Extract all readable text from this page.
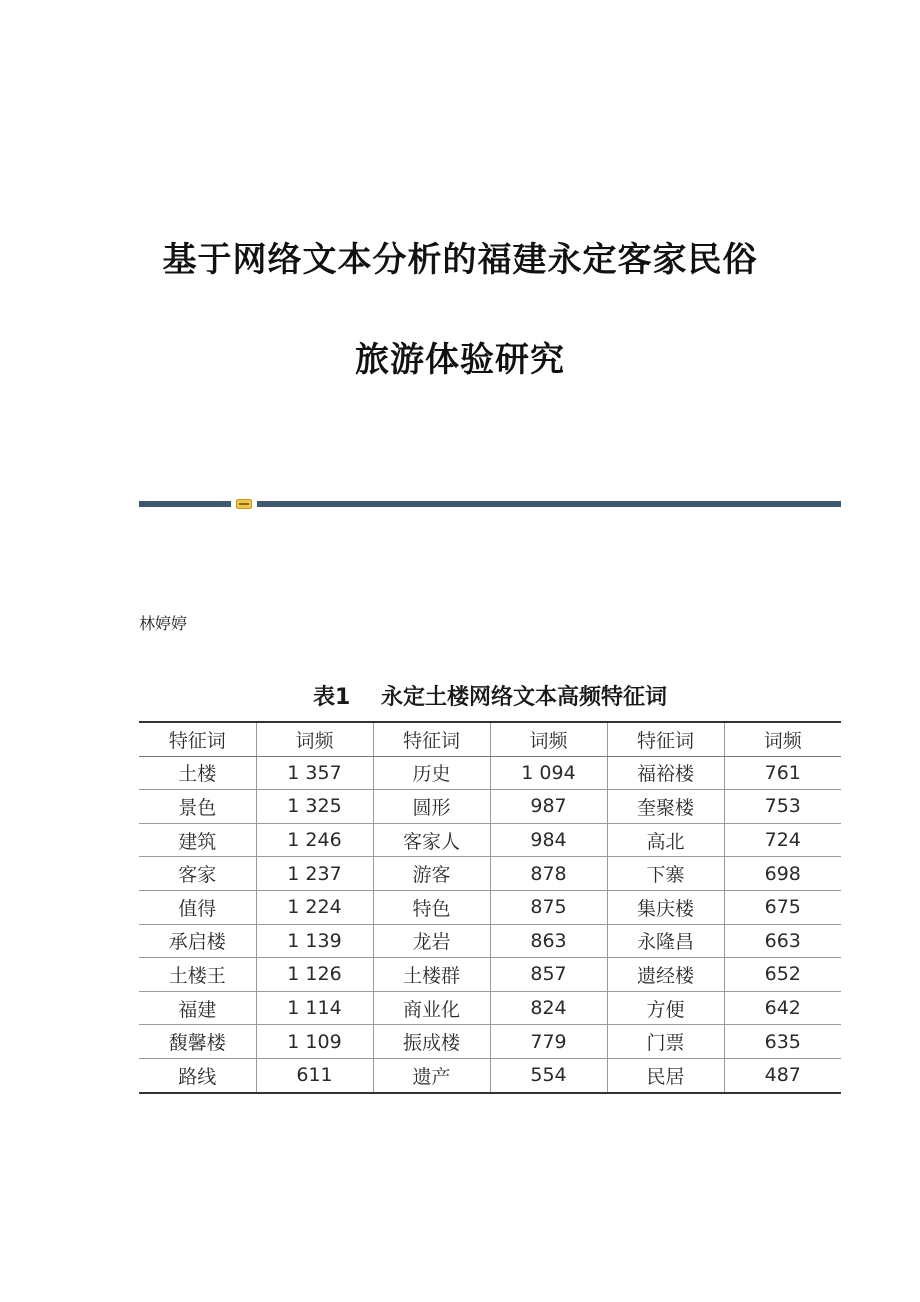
基于网络文本分析的福建永定客家民俗
旅游体验研究
林婷婷
表1    永定土楼网络文本高频特征词
特征词	词频	特征词	词频	特征词	词频
土楼	1 357	历史	1 094	福裕楼	761
景色	1 325	圆形	987	奎聚楼	753
建筑	1 246	客家人	984	高北	724
客家	1 237	游客	878	下寨	698
值得	1 224	特色	875	集庆楼	675
承启楼	1 139	龙岩	863	永隆昌	663
土楼王	1 126	土楼群	857	遗经楼	652
福建	1 114	商业化	824	方便	642
馥馨楼	1 109	振成楼	779	门票	635
路线	611	遗产	554	民居	487
